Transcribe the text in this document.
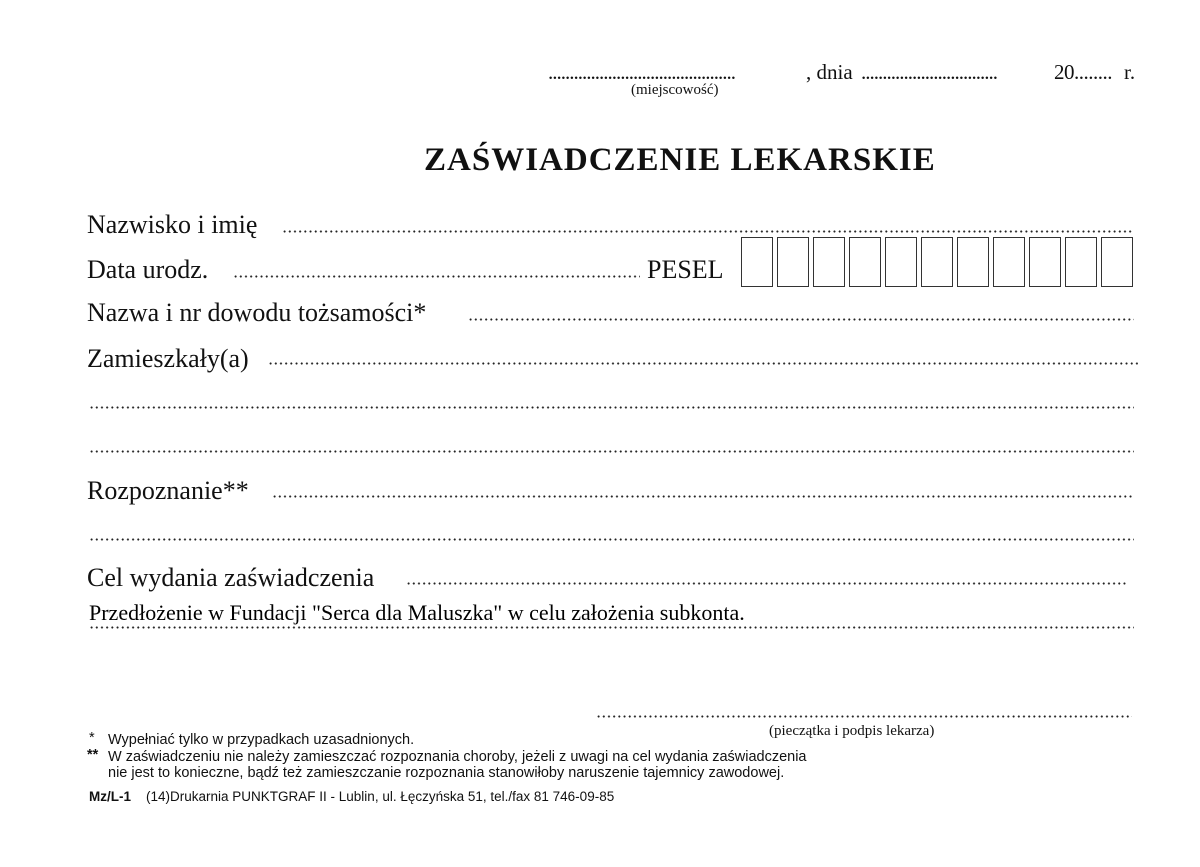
............................................	, dnia ................................	20........ r.
(miejscowość)
ZAŚWIADCZENIE LEKARSKIE
Nazwisko i imię
Data urodz.	PESEL
Nazwa i nr dowodu tożsamości*
Zamieszkały(a)
Rozpoznanie**
Cel wydania zaświadczenia
Przedłożenie w Fundacji "Serca dla Maluszka" w celu założenia subkonta.
(pieczątka i podpis lekarza)
* Wypełniać tylko w przypadkach uzasadnionych.
** W zaświadczeniu nie należy zamieszczać rozpoznania choroby, jeżeli z uwagi na cel wydania zaświadczenia
nie jest to konieczne, bądź też zamieszczanie rozpoznania stanowiłoby naruszenie tajemnicy zawodowej.
Mz/L-1 (14)Drukarnia PUNKTGRAF II - Lublin, ul. Łęczyńska 51, tel./fax 81 746-09-85
